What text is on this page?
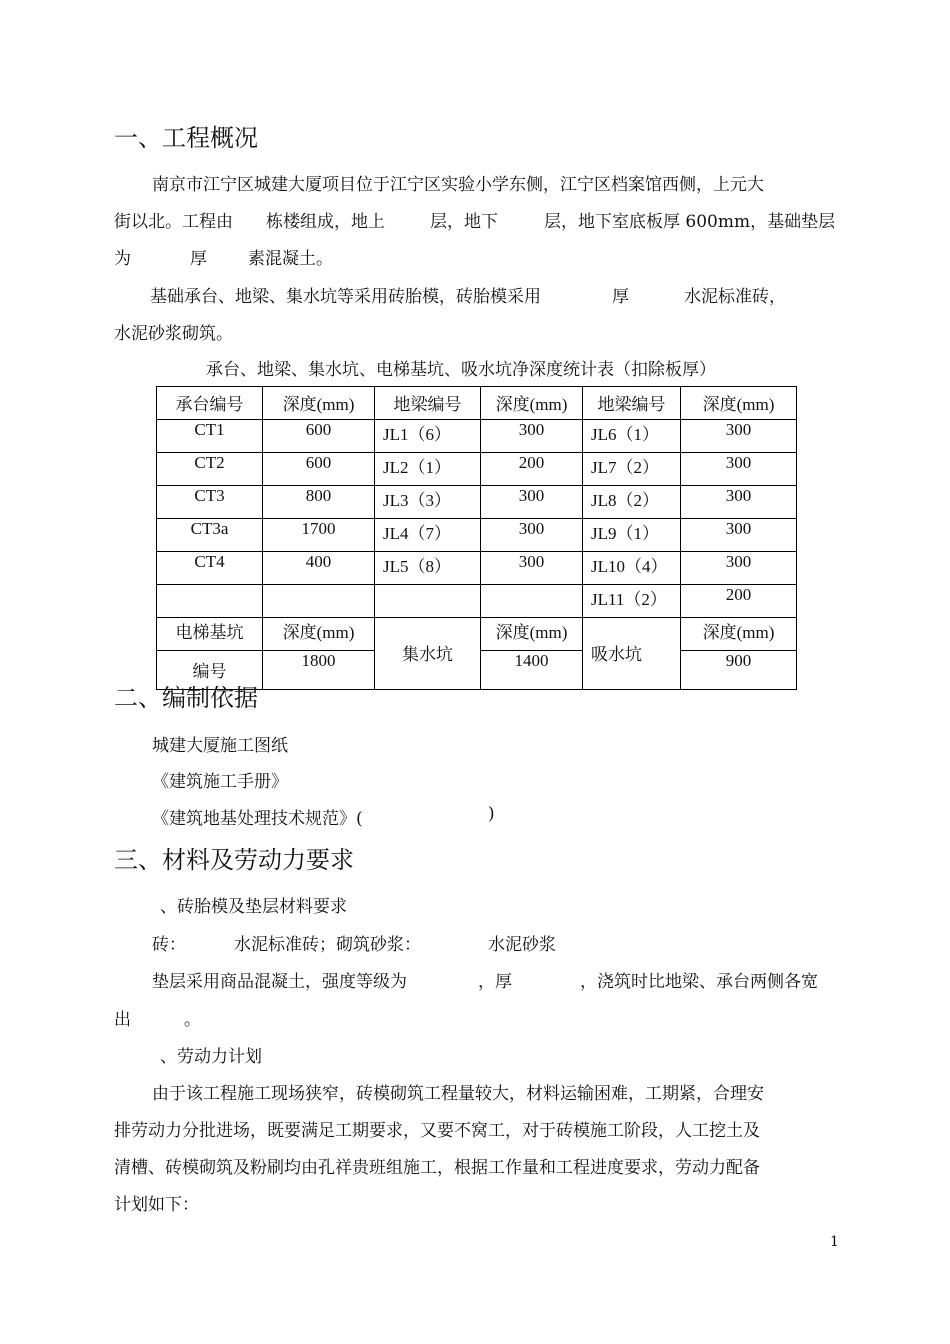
一、工程概况
南京市江宁区城建大厦项目位于江宁区实验小学东侧，江宁区档案馆西侧，上元大
街以北。工程由 栋楼组成，地上	层，地下	层，地下室底板厚 600mm，基础垫层
为	厚 素混凝土。
基础承台、地梁、集水坑等采用砖胎模，砖胎模采用	厚	水泥标准砖，
水泥砂浆砌筑。
承台、地梁、集水坑、电梯基坑、吸水坑净深度统计表（扣除板厚）
承台编号	深度(mm)	地梁编号	深度(mm)	地梁编号	深度(mm)
CT1	600	JL1（6）	300	JL6（1）	300
CT2	600	JL2（1）	200	JL7（2）	300
CT3	800	JL3（3）	300	JL8（2）	300
CT3a	1700	JL4（7）	300	JL9（1）	300
CT4	400	JL5（8）	300	JL10（4）	300
				JL11（2）	200
电梯基坑	深度(mm)	集水坑	深度(mm)	吸水坑	深度(mm)
编号	1800		1400		900
二、编制依据
城建大厦施工图纸
《建筑施工手册》
《建筑地基处理技术规范》(	)
三、材料及劳动力要求
、砖胎模及垫层材料要求
砖：	水泥标准砖；砌筑砂浆：	水泥砂浆
垫层采用商品混凝土，强度等级为	，厚	，浇筑时比地梁、承台两侧各宽
出	。
、劳动力计划
由于该工程施工现场狭窄，砖模砌筑工程量较大，材料运输困难，工期紧，合理安
排劳动力分批进场，既要满足工期要求，又要不窝工，对于砖模施工阶段，人工挖土及
清槽、砖模砌筑及粉刷均由孔祥贵班组施工，根据工作量和工程进度要求，劳动力配备
计划如下：
1
